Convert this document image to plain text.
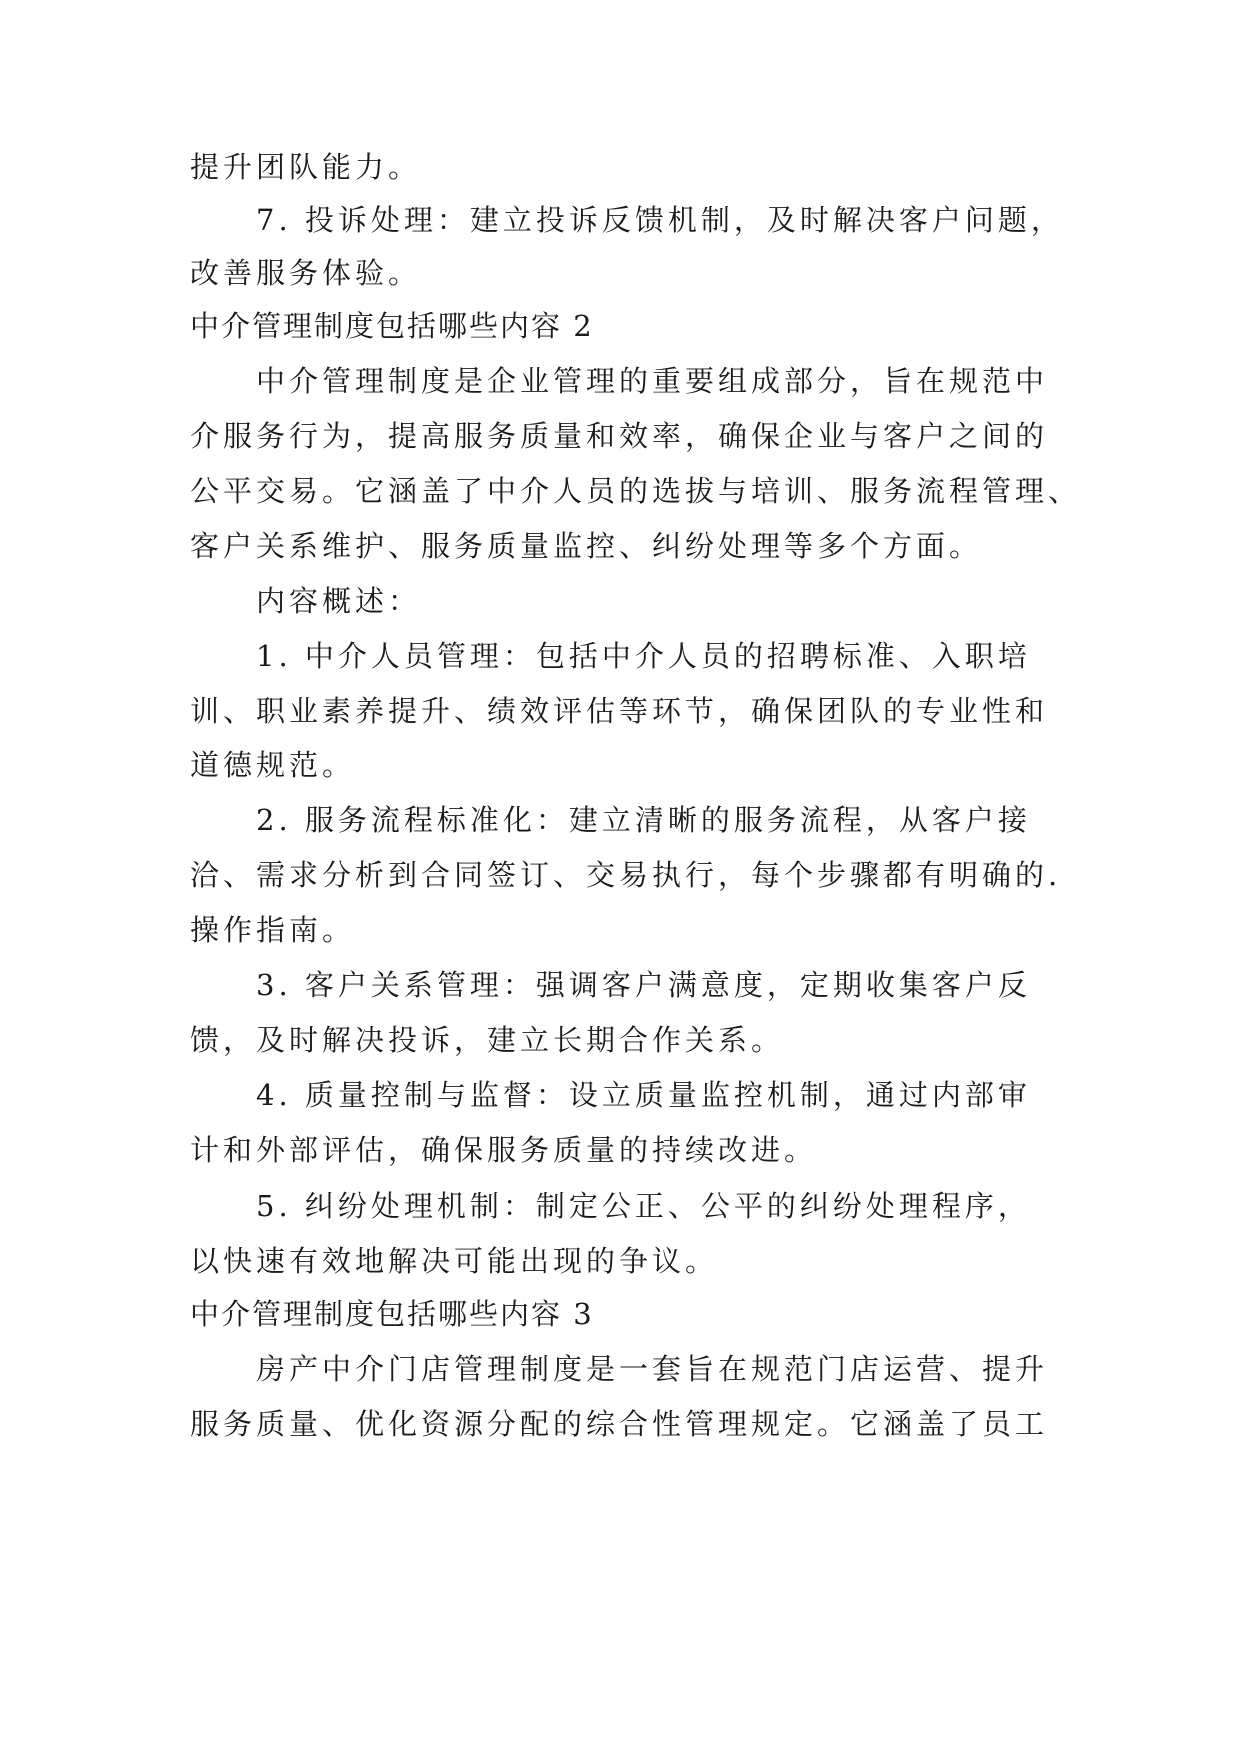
提升团队能力。
7. 投诉处理：建立投诉反馈机制，及时解决客户问题，
改善服务体验。
中介管理制度包括哪些内容 2
中介管理制度是企业管理的重要组成部分，旨在规范中
介服务行为，提高服务质量和效率，确保企业与客户之间的
公平交易。它涵盖了中介人员的选拔与培训、服务流程管理、
客户关系维护、服务质量监控、纠纷处理等多个方面。
内容概述：
1. 中介人员管理：包括中介人员的招聘标准、入职培
训、职业素养提升、绩效评估等环节，确保团队的专业性和
道德规范。
2. 服务流程标准化：建立清晰的服务流程，从客户接
洽、需求分析到合同签订、交易执行，每个步骤都有明确的.
操作指南。
3. 客户关系管理：强调客户满意度，定期收集客户反
馈，及时解决投诉，建立长期合作关系。
4. 质量控制与监督：设立质量监控机制，通过内部审
计和外部评估，确保服务质量的持续改进。
5. 纠纷处理机制：制定公正、公平的纠纷处理程序，
以快速有效地解决可能出现的争议。
中介管理制度包括哪些内容 3
房产中介门店管理制度是一套旨在规范门店运营、提升
服务质量、优化资源分配的综合性管理规定。它涵盖了员工
